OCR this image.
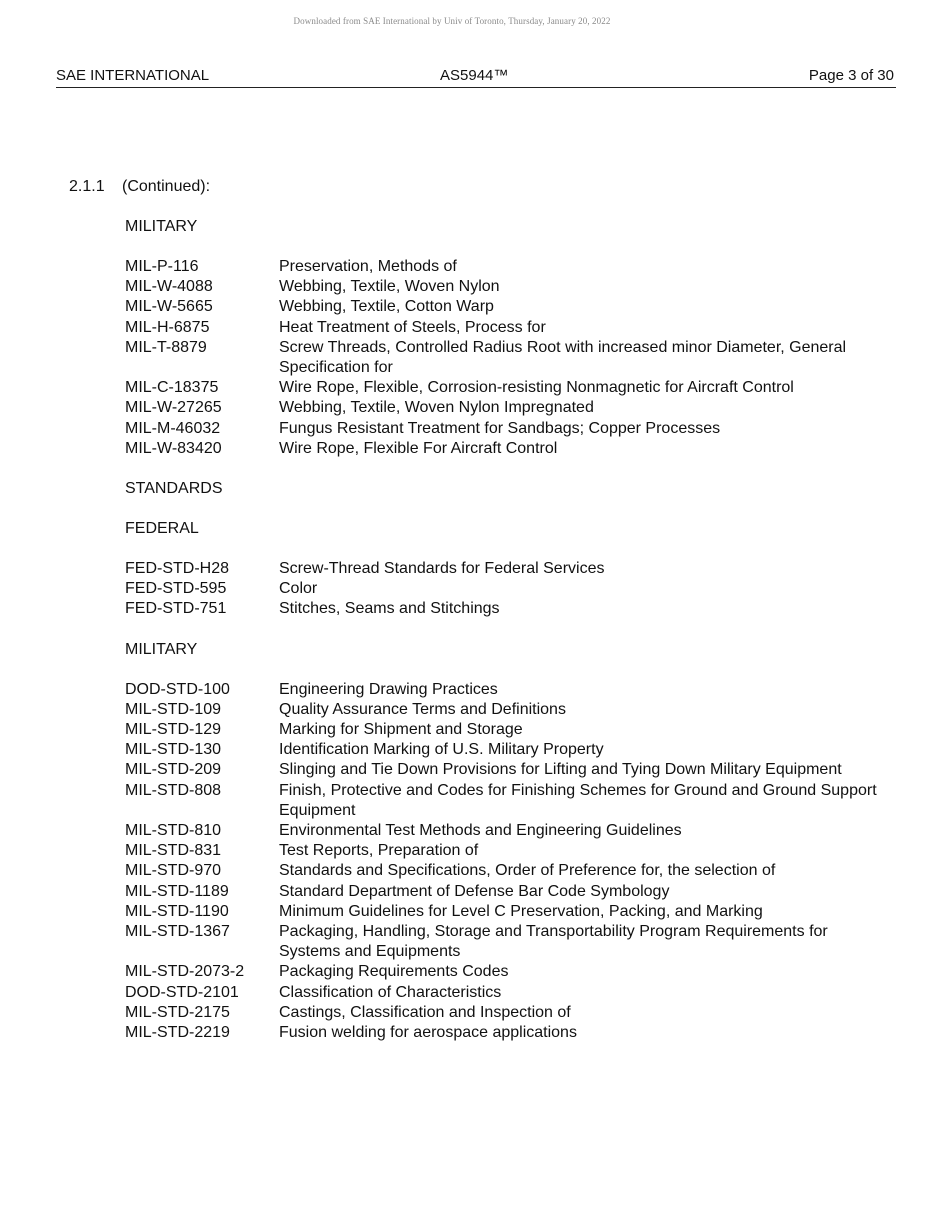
Downloaded from SAE International by Univ of Toronto, Thursday, January 20, 2022
SAE INTERNATIONAL	AS5944™	Page 3 of 30
2.1.1 (Continued):
MILITARY
MIL-P-116	Preservation, Methods of
MIL-W-4088	Webbing, Textile, Woven Nylon
MIL-W-5665	Webbing, Textile, Cotton Warp
MIL-H-6875	Heat Treatment of Steels, Process for
MIL-T-8879	Screw Threads, Controlled Radius Root with increased minor Diameter, General Specification for
MIL-C-18375	Wire Rope, Flexible, Corrosion-resisting Nonmagnetic for Aircraft Control
MIL-W-27265	Webbing, Textile, Woven Nylon Impregnated
MIL-M-46032	Fungus Resistant Treatment for Sandbags; Copper Processes
MIL-W-83420	Wire Rope, Flexible For Aircraft Control
STANDARDS
FEDERAL
FED-STD-H28	Screw-Thread Standards for Federal Services
FED-STD-595	Color
FED-STD-751	Stitches, Seams and Stitchings
MILITARY
DOD-STD-100	Engineering Drawing Practices
MIL-STD-109	Quality Assurance Terms and Definitions
MIL-STD-129	Marking for Shipment and Storage
MIL-STD-130	Identification Marking of U.S. Military Property
MIL-STD-209	Slinging and Tie Down Provisions for Lifting and Tying Down Military Equipment
MIL-STD-808	Finish, Protective and Codes for Finishing Schemes for Ground and Ground Support Equipment
MIL-STD-810	Environmental Test Methods and Engineering Guidelines
MIL-STD-831	Test Reports, Preparation of
MIL-STD-970	Standards and Specifications, Order of Preference for, the selection of
MIL-STD-1189	Standard Department of Defense Bar Code Symbology
MIL-STD-1190	Minimum Guidelines for Level C Preservation, Packing, and Marking
MIL-STD-1367	Packaging, Handling, Storage and Transportability Program Requirements for Systems and Equipments
MIL-STD-2073-2	Packaging Requirements Codes
DOD-STD-2101	Classification of Characteristics
MIL-STD-2175	Castings, Classification and Inspection of
MIL-STD-2219	Fusion welding for aerospace applications
